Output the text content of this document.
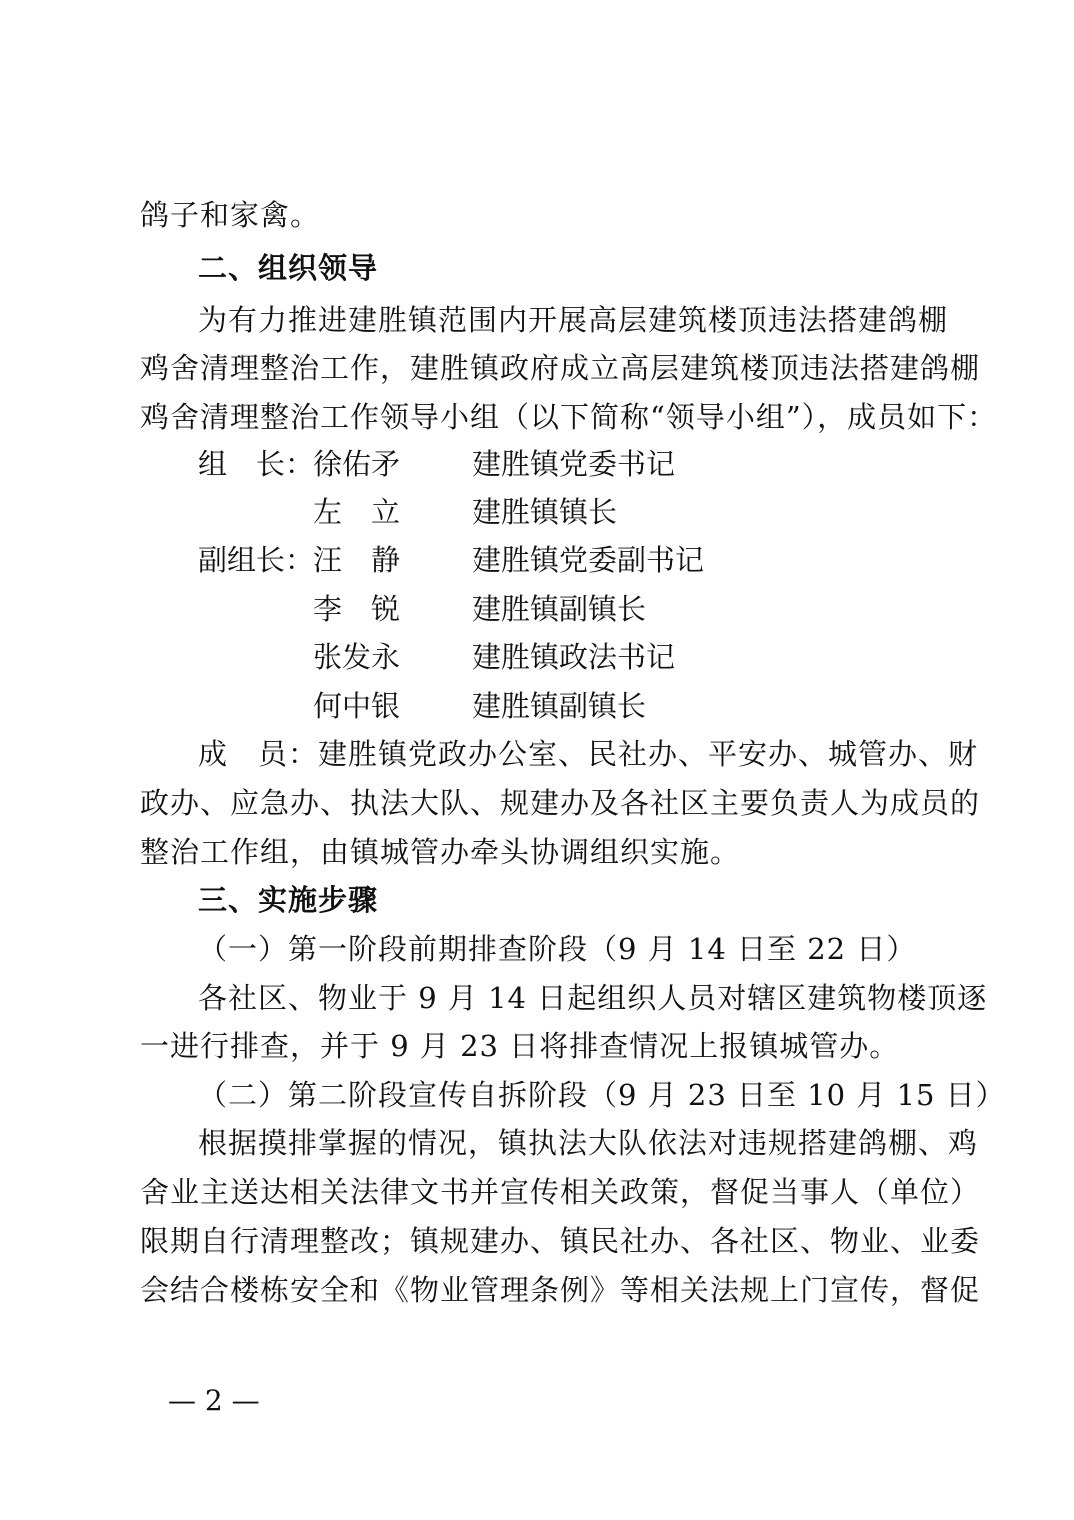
鸽子和家禽。
二、组织领导
为有力推进建胜镇范围内开展高层建筑楼顶违法搭建鸽棚
鸡舍清理整治工作，建胜镇政府成立高层建筑楼顶违法搭建鸽棚
鸡舍清理整治工作领导小组（以下简称“领导小组”），成员如下：
组　长：
徐佑矛 建胜镇党委书记
左　立 建胜镇镇长
副组长：
汪　静 建胜镇党委副书记
李　锐 建胜镇副镇长
张发永 建胜镇政法书记
何中银 建胜镇副镇长
成　员：建胜镇党政办公室、民社办、平安办、城管办、财
政办、应急办、执法大队、规建办及各社区主要负责人为成员的
整治工作组，由镇城管办牵头协调组织实施。
三、实施步骤
（一）第一阶段前期排查阶段（9 月 14 日至 22 日）
各社区、物业于 9 月 14 日起组织人员对辖区建筑物楼顶逐
一进行排查，并于 9 月 23 日将排查情况上报镇城管办。
（二）第二阶段宣传自拆阶段（9 月 23 日至 10 月 15 日）
根据摸排掌握的情况，镇执法大队依法对违规搭建鸽棚、鸡
舍业主送达相关法律文书并宣传相关政策，督促当事人（单位）
限期自行清理整改；镇规建办、镇民社办、各社区、物业、业委
会结合楼栋安全和《物业管理条例》等相关法规上门宣传，督促
— 2 —
